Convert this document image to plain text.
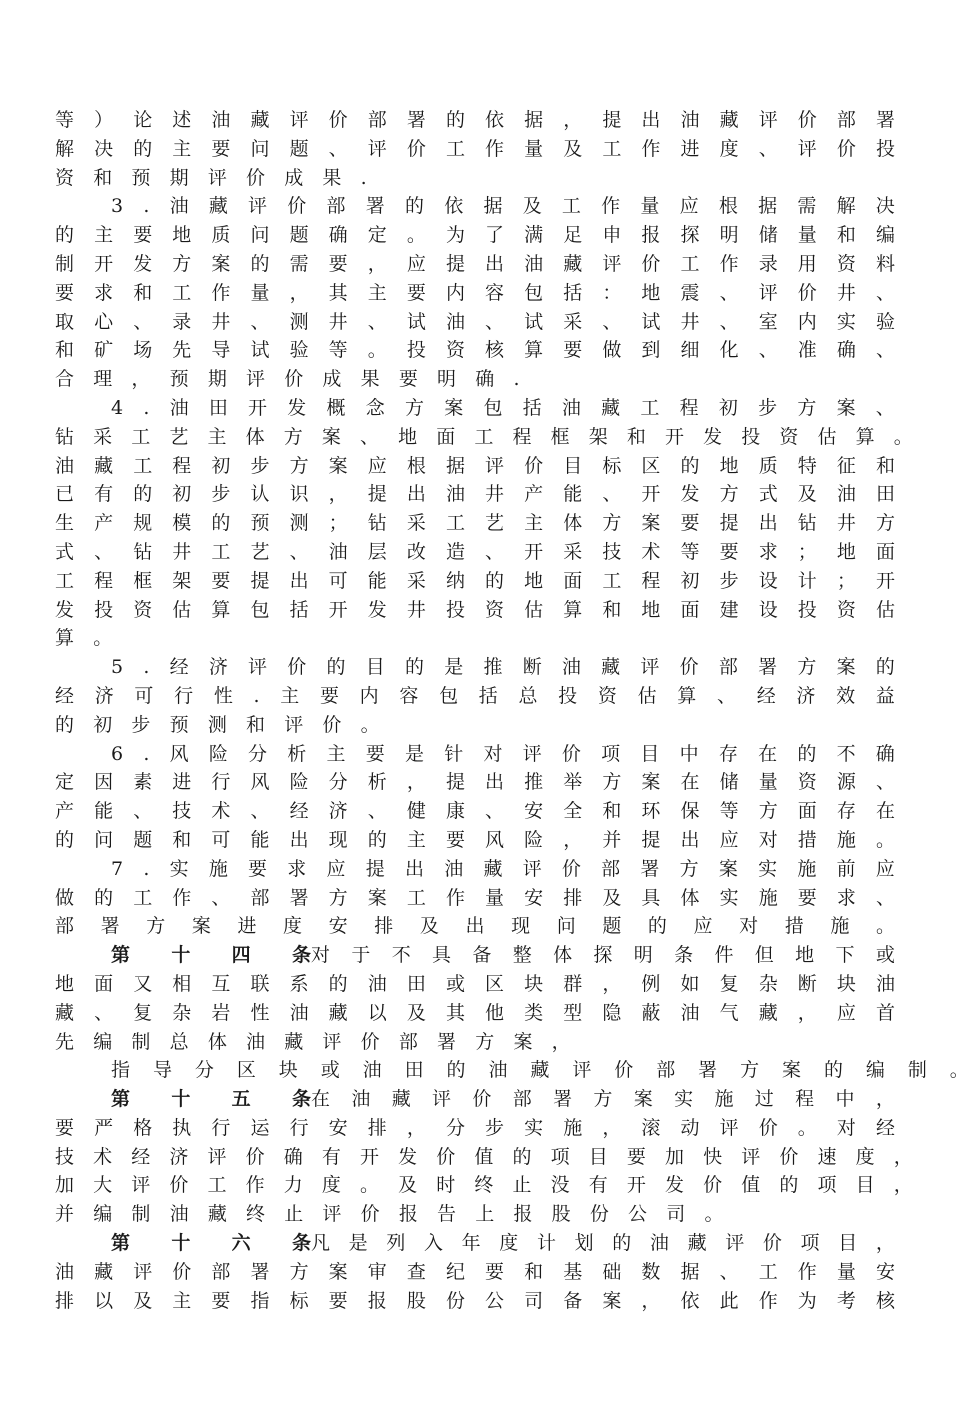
等 ） 论 述 油 藏 评 价 部 署 的 依 据 ， 提 出 油 藏 评 价 部 署
解 决 的 主 要 问 题 、 评 价 工 作 量 及 工 作 进 度 、 评 价 投
资 和 预 期 评 价 成 果 .
3 . 油 藏 评 价 部 署 的 依 据 及 工 作 量 应 根 据 需 解 决
的 主 要 地 质 问 题 确 定 。 为 了 满 足 申 报 探 明 储 量 和 编
制 开 发 方 案 的 需 要 ， 应 提 出 油 藏 评 价 工 作 录 用 资 料
要 求 和 工 作 量 ， 其 主 要 内 容 包 括 ： 地 震 、 评 价 井 、
取 心 、 录 井 、 测 井 、 试 油 、 试 采 、 试 井 、 室 内 实 验
和 矿 场 先 导 试 验 等 。 投 资 核 算 要 做 到 细 化 、 准 确 、
合 理 ， 预 期 评 价 成 果 要 明 确 .
4 . 油 田 开 发 概 念 方 案 包 括 油 藏 工 程 初 步 方 案 、
钻 采 工 艺 主 体 方 案 、 地 面 工 程 框 架 和 开 发 投 资 估 算 。
油 藏 工 程 初 步 方 案 应 根 据 评 价 目 标 区 的 地 质 特 征 和
已 有 的 初 步 认 识 ， 提 出 油 井 产 能 、 开 发 方 式 及 油 田
生 产 规 模 的 预 测 ； 钻 采 工 艺 主 体 方 案 要 提 出 钻 井 方
式 、 钻 井 工 艺 、 油 层 改 造 、 开 采 技 术 等 要 求 ； 地 面
工 程 框 架 要 提 出 可 能 采 纳 的 地 面 工 程 初 步 设 计 ； 开
发 投 资 估 算 包 括 开 发 井 投 资 估 算 和 地 面 建 设 投 资 估
算 。
5 . 经 济 评 价 的 目 的 是 推 断 油 藏 评 价 部 署 方 案 的
经 济 可 行 性 . 主 要 内 容 包 括 总 投 资 估 算 、 经 济 效 益
的 初 步 预 测 和 评 价 。
6 . 风 险 分 析 主 要 是 针 对 评 价 项 目 中 存 在 的 不 确
定 因 素 进 行 风 险 分 析 ， 提 出 推 举 方 案 在 储 量 资 源 、
产 能 、 技 术 、 经 济 、 健 康 、 安 全 和 环 保 等 方 面 存 在
的 问 题 和 可 能 出 现 的 主 要 风 险 ， 并 提 出 应 对 措 施 。
7 . 实 施 要 求 应 提 出 油 藏 评 价 部 署 方 案 实 施 前 应
做 的 工 作 、 部 署 方 案 工 作 量 安 排 及 具 体 实 施 要 求 、
部 署 方 案 进 度 安 排 及 出 现 问 题 的 应 对 措 施 。
第 十 四 条 对 于 不 具 备 整 体 探 明 条 件 但 地 下 或
地 面 又 相 互 联 系 的 油 田 或 区 块 群 ， 例 如 复 杂 断 块 油
藏 、 复 杂 岩 性 油 藏 以 及 其 他 类 型 隐 蔽 油 气 藏 ， 应 首
先 编 制 总 体 油 藏 评 价 部 署 方 案 ，
指 导 分 区 块 或 油 田 的 油 藏 评 价 部 署 方 案 的 编 制 。
第 十 五 条 在 油 藏 评 价 部 署 方 案 实 施 过 程 中 ，
要 严 格 执 行 运 行 安 排 ， 分 步 实 施 ， 滚 动 评 价 。 对 经
技 术 经 济 评 价 确 有 开 发 价 值 的 项 目 要 加 快 评 价 速 度 ，
加 大 评 价 工 作 力 度 。 及 时 终 止 没 有 开 发 价 值 的 项 目 ，
并 编 制 油 藏 终 止 评 价 报 告 上 报 股 份 公 司 。
第 十 六 条 凡 是 列 入 年 度 计 划 的 油 藏 评 价 项 目 ，
油 藏 评 价 部 署 方 案 审 查 纪 要 和 基 础 数 据 、 工 作 量 安
排 以 及 主 要 指 标 要 报 股 份 公 司 备 案 ， 依 此 作 为 考 核
